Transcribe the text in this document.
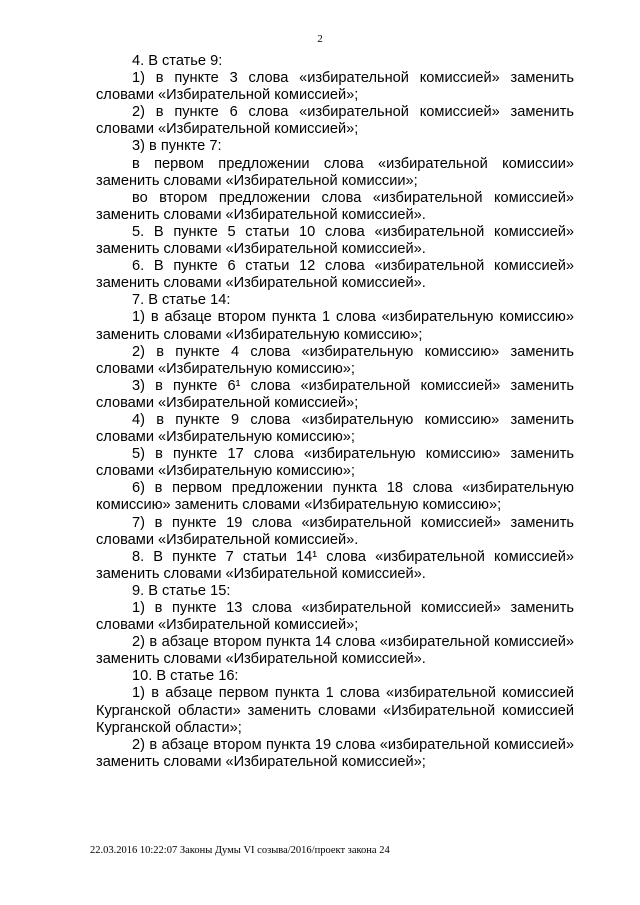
2

4. В статье 9:

1) в пункте 3 слова «избирательной комиссией» заменить словами «Избирательной комиссией»;

2) в пункте 6 слова «избирательной комиссией» заменить словами «Избирательной комиссией»;

3) в пункте 7:

в первом предложении слова «избирательной комиссии» заменить словами «Избирательной комиссии»;

во втором предложении слова «избирательной комиссией» заменить словами «Избирательной комиссией».

5. В пункте 5 статьи 10 слова «избирательной комиссией» заменить словами «Избирательной комиссией».

6. В пункте 6 статьи 12 слова «избирательной комиссией» заменить словами «Избирательной комиссией».

7. В статье 14:

1) в абзаце втором пункта 1 слова «избирательную комиссию» заменить словами «Избирательную комиссию»;

2) в пункте 4 слова «избирательную комиссию» заменить словами «Избирательную комиссию»;

3) в пункте 6¹ слова «избирательной комиссией» заменить словами «Избирательной комиссией»;

4) в пункте 9 слова «избирательную комиссию» заменить словами «Избирательную комиссию»;

5) в пункте 17 слова «избирательную комиссию» заменить словами «Избирательную комиссию»;

6) в первом предложении пункта 18 слова «избирательную комиссию» заменить словами «Избирательную комиссию»;

7) в пункте 19 слова «избирательной комиссией» заменить словами «Избирательной комиссией».

8. В пункте 7 статьи 14¹ слова «избирательной комиссией» заменить словами «Избирательной комиссией».

9. В статье 15:

1) в пункте 13 слова «избирательной комиссией» заменить словами «Избирательной комиссией»;

2) в абзаце втором пункта 14 слова «избирательной комиссией» заменить словами «Избирательной комиссией».

10. В статье 16:

1) в абзаце первом пункта 1 слова «избирательной комиссией Курганской области» заменить словами «Избирательной комиссией Курганской области»;

2) в абзаце втором пункта 19 слова «избирательной комиссией» заменить словами «Избирательной комиссией»;

22.03.2016 10:22:07 Законы Думы VI созыва/2016/проект закона 24
